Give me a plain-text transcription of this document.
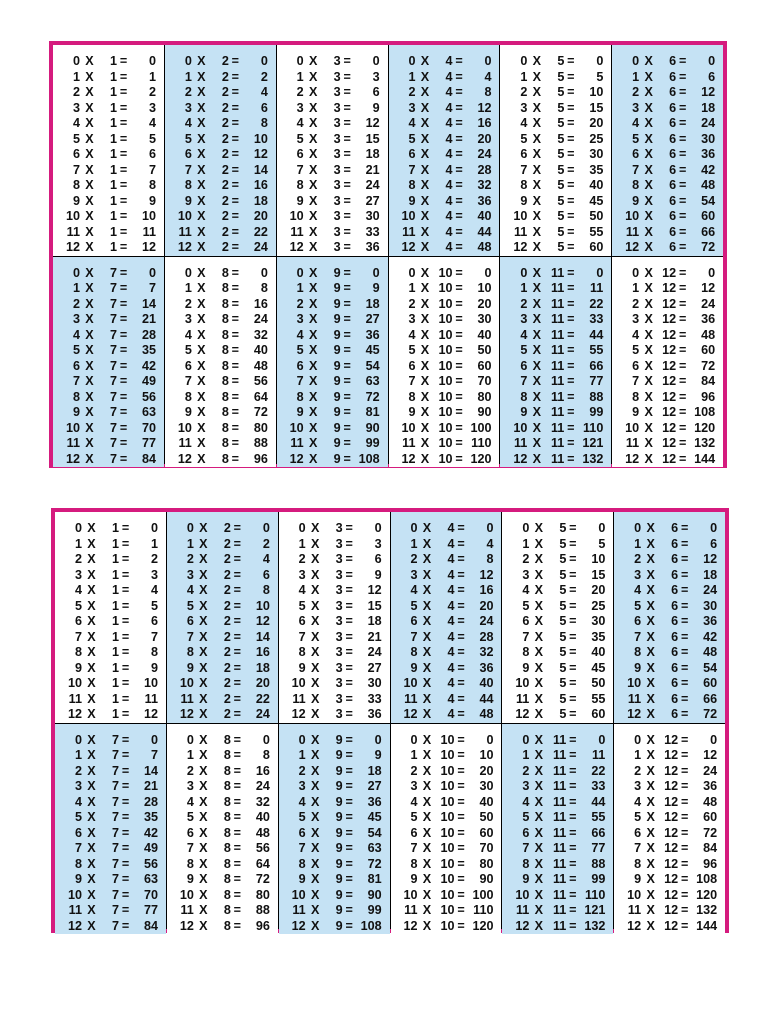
0 X	1 =	0
1 X	1 =	1
2 X	1 =	2
3 X	1 =	3
4 X	1 =	4
5 X	1 =	5
6 X	1 =	6
7 X	1 =	7
8 X	1 =	8
9 X	1 =	9
10 X	1 =	10
11 X	1 =	11
12 X	1 =	12
0 X	2 =	0
1 X	2 =	2
2 X	2 =	4
3 X	2 =	6
4 X	2 =	8
5 X	2 =	10
6 X	2 =	12
7 X	2 =	14
8 X	2 =	16
9 X	2 =	18
10 X	2 =	20
11 X	2 =	22
12 X	2 =	24
0 X	3 =	0
1 X	3 =	3
2 X	3 =	6
3 X	3 =	9
4 X	3 =	12
5 X	3 =	15
6 X	3 =	18
7 X	3 =	21
8 X	3 =	24
9 X	3 =	27
10 X	3 =	30
11 X	3 =	33
12 X	3 =	36
0 X	4 =	0
1 X	4 =	4
2 X	4 =	8
3 X	4 =	12
4 X	4 =	16
5 X	4 =	20
6 X	4 =	24
7 X	4 =	28
8 X	4 =	32
9 X	4 =	36
10 X	4 =	40
11 X	4 =	44
12 X	4 =	48
0 X	5 =	0
1 X	5 =	5
2 X	5 =	10
3 X	5 =	15
4 X	5 =	20
5 X	5 =	25
6 X	5 =	30
7 X	5 =	35
8 X	5 =	40
9 X	5 =	45
10 X	5 =	50
11 X	5 =	55
12 X	5 =	60
0 X	6 =	0
1 X	6 =	6
2 X	6 =	12
3 X	6 =	18
4 X	6 =	24
5 X	6 =	30
6 X	6 =	36
7 X	6 =	42
8 X	6 =	48
9 X	6 =	54
10 X	6 =	60
11 X	6 =	66
12 X	6 =	72
0 X	7 =	0
1 X	7 =	7
2 X	7 =	14
3 X	7 =	21
4 X	7 =	28
5 X	7 =	35
6 X	7 =	42
7 X	7 =	49
8 X	7 =	56
9 X	7 =	63
10 X	7 =	70
11 X	7 =	77
12 X	7 =	84
0 X	8 =	0
1 X	8 =	8
2 X	8 =	16
3 X	8 =	24
4 X	8 =	32
5 X	8 =	40
6 X	8 =	48
7 X	8 =	56
8 X	8 =	64
9 X	8 =	72
10 X	8 =	80
11 X	8 =	88
12 X	8 =	96
0 X	9 =	0
1 X	9 =	9
2 X	9 =	18
3 X	9 =	27
4 X	9 =	36
5 X	9 =	45
6 X	9 =	54
7 X	9 =	63
8 X	9 =	72
9 X	9 =	81
10 X	9 =	90
11 X	9 =	99
12 X	9 = 108
0 X 10 =	0
1 X 10 =	10
2 X 10 =	20
3 X 10 =	30
4 X 10 =	40
5 X 10 =	50
6 X 10 =	60
7 X 10 =	70
8 X 10 =	80
9 X 10 =	90
10 X 10 = 100
11 X 10 = 110
12 X 10 = 120
0 X 11 =	0
1 X 11 =	11
2 X 11 =	22
3 X 11 =	33
4 X 11 =	44
5 X 11 =	55
6 X 11 =	66
7 X 11 =	77
8 X 11 =	88
9 X 11 =	99
10 X 11 = 110
11 X 11 = 121
12 X 11 = 132
0 X 12 =	0
1 X 12 =	12
2 X 12 =	24
3 X 12 =	36
4 X 12 =	48
5 X 12 =	60
6 X 12 =	72
7 X 12 =	84
8 X 12 =	96
9 X 12 = 108
10 X 12 = 120
11 X 12 = 132
12 X 12 = 144
0 X	1 =	0
1 X	1 =	1
2 X	1 =	2
3 X	1 =	3
4 X	1 =	4
5 X	1 =	5
6 X	1 =	6
7 X	1 =	7
8 X	1 =	8
9 X	1 =	9
10 X	1 =	10
11 X	1 =	11
12 X	1 =	12
0 X	2 =	0
1 X	2 =	2
2 X	2 =	4
3 X	2 =	6
4 X	2 =	8
5 X	2 =	10
6 X	2 =	12
7 X	2 =	14
8 X	2 =	16
9 X	2 =	18
10 X	2 =	20
11 X	2 =	22
12 X	2 =	24
0 X	3 =	0
1 X	3 =	3
2 X	3 =	6
3 X	3 =	9
4 X	3 =	12
5 X	3 =	15
6 X	3 =	18
7 X	3 =	21
8 X	3 =	24
9 X	3 =	27
10 X	3 =	30
11 X	3 =	33
12 X	3 =	36
0 X	4 =	0
1 X	4 =	4
2 X	4 =	8
3 X	4 =	12
4 X	4 =	16
5 X	4 =	20
6 X	4 =	24
7 X	4 =	28
8 X	4 =	32
9 X	4 =	36
10 X	4 =	40
11 X	4 =	44
12 X	4 =	48
0 X	5 =	0
1 X	5 =	5
2 X	5 =	10
3 X	5 =	15
4 X	5 =	20
5 X	5 =	25
6 X	5 =	30
7 X	5 =	35
8 X	5 =	40
9 X	5 =	45
10 X	5 =	50
11 X	5 =	55
12 X	5 =	60
0 X	6 =	0
1 X	6 =	6
2 X	6 =	12
3 X	6 =	18
4 X	6 =	24
5 X	6 =	30
6 X	6 =	36
7 X	6 =	42
8 X	6 =	48
9 X	6 =	54
10 X	6 =	60
11 X	6 =	66
12 X	6 =	72
0 X	7 =	0
1 X	7 =	7
2 X	7 =	14
3 X	7 =	21
4 X	7 =	28
5 X	7 =	35
6 X	7 =	42
7 X	7 =	49
8 X	7 =	56
9 X	7 =	63
10 X	7 =	70
11 X	7 =	77
12 X	7 =	84
0 X	8 =	0
1 X	8 =	8
2 X	8 =	16
3 X	8 =	24
4 X	8 =	32
5 X	8 =	40
6 X	8 =	48
7 X	8 =	56
8 X	8 =	64
9 X	8 =	72
10 X	8 =	80
11 X	8 =	88
12 X	8 =	96
0 X	9 =	0
1 X	9 =	9
2 X	9 =	18
3 X	9 =	27
4 X	9 =	36
5 X	9 =	45
6 X	9 =	54
7 X	9 =	63
8 X	9 =	72
9 X	9 =	81
10 X	9 =	90
11 X	9 =	99
12 X	9 = 108
0 X 10 =	0
1 X 10 =	10
2 X 10 =	20
3 X 10 =	30
4 X 10 =	40
5 X 10 =	50
6 X 10 =	60
7 X 10 =	70
8 X 10 =	80
9 X 10 =	90
10 X 10 = 100
11 X 10 = 110
12 X 10 = 120
0 X 11 =	0
1 X 11 =	11
2 X 11 =	22
3 X 11 =	33
4 X 11 =	44
5 X 11 =	55
6 X 11 =	66
7 X 11 =	77
8 X 11 =	88
9 X 11 =	99
10 X 11 = 110
11 X 11 = 121
12 X 11 = 132
0 X 12 =	0
1 X 12 =	12
2 X 12 =	24
3 X 12 =	36
4 X 12 =	48
5 X 12 =	60
6 X 12 =	72
7 X 12 =	84
8 X 12 =	96
9 X 12 = 108
10 X 12 = 120
11 X 12 = 132
12 X 12 = 144
